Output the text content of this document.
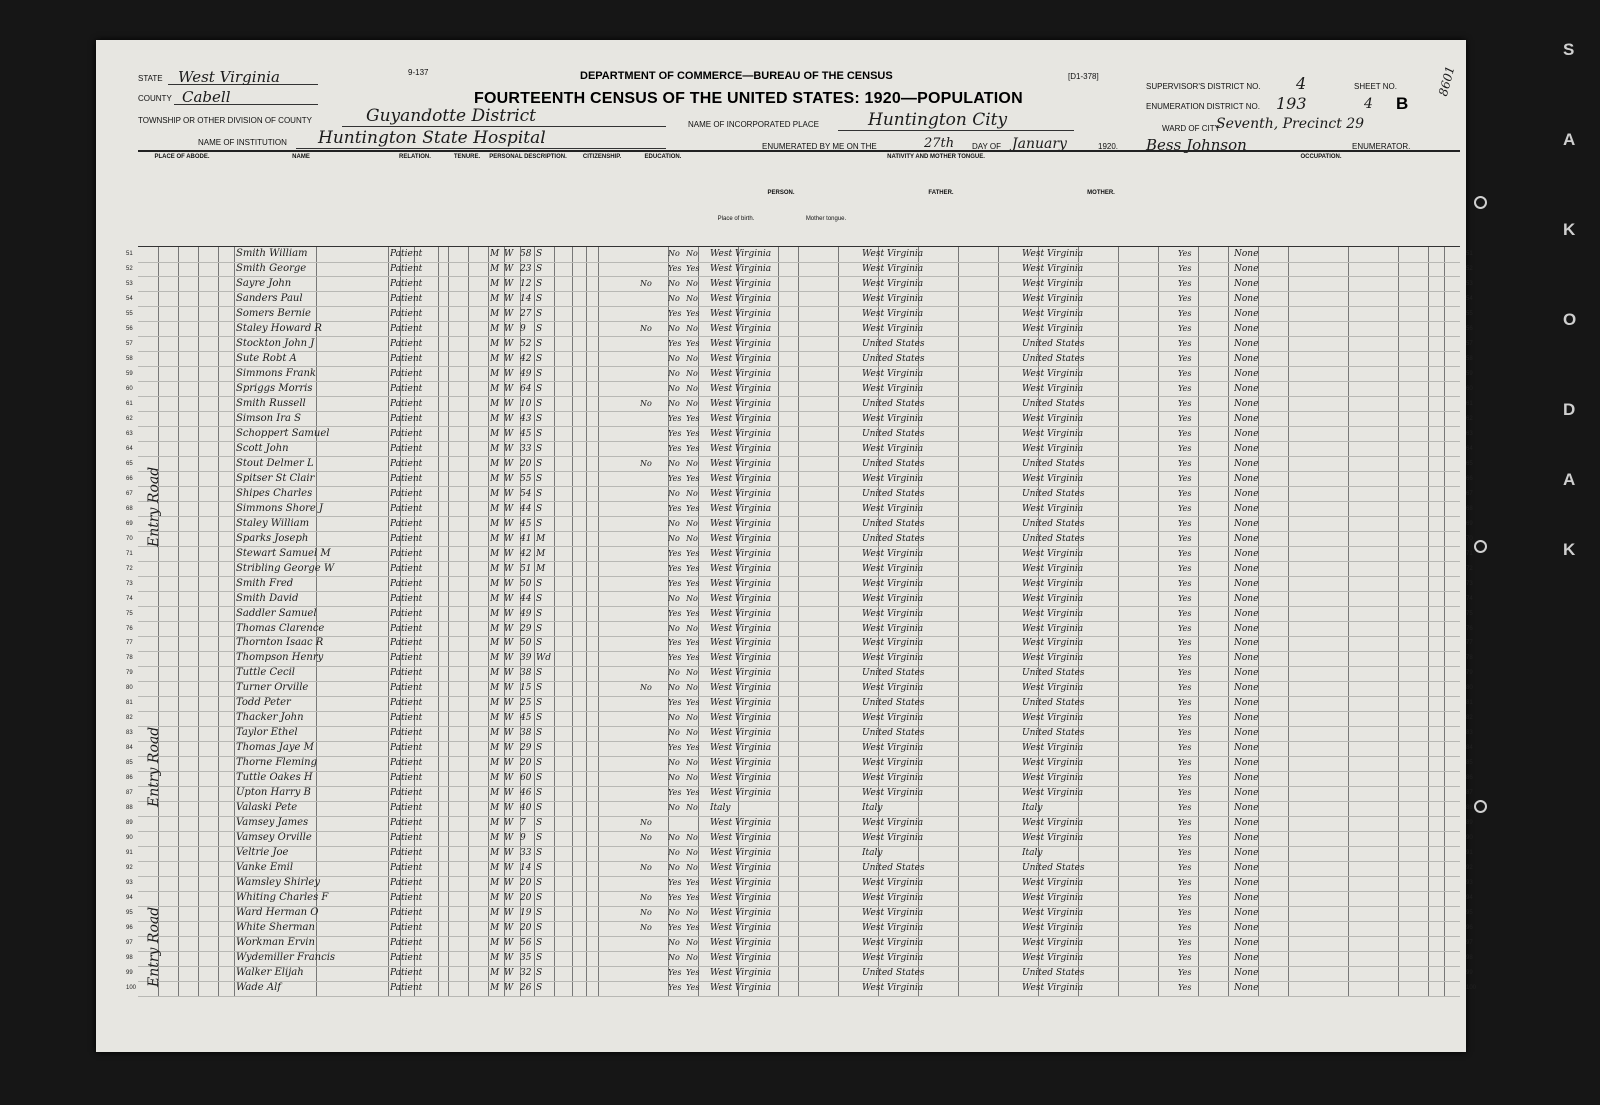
9-137	DEPARTMENT OF COMMERCE—BUREAU OF THE CENSUS	[D1-378]
FOURTEENTH CENSUS OF THE UNITED STATES: 1920—POPULATION
STATE West Virginia
COUNTY Cabell
TOWNSHIP OR OTHER DIVISION OF COUNTY	Guyandotte District
NAME OF INSTITUTION Huntington State Hospital
NAME OF INCORPORATED PLACE	Huntington City
ENUMERATED BY ME ON THE	27th DAY OF January	1920. Bess Johnson	ENUMERATOR.
SUPERVISOR'S DISTRICT NO. 4
ENUMERATION DISTRICT NO. 193
SHEET NO.
4 B
WARD OF CITY
Seventh, Precinct 29
8601
PLACE OF ABODE.	NAME	RELATION.	TENURE.	PERSONAL DESCRIPTION.	CITIZENSHIP.	EDUCATION.	NATIVITY AND MOTHER TONGUE.
PERSON.	FATHER.	MOTHER.
OCCUPATION.
Place of birth.	Mother tongue.
Smith William	Patient	M W 58 S	No No	West Virginia	West Virginia	West Virginia	Yes	None
51	51
Smith George	Patient	M W 23 S	Yes Yes	West Virginia	West Virginia	West Virginia	Yes	None
52	52
Sayre John	Patient	M W 12 S	No	No No	West Virginia	West Virginia	West Virginia	Yes	None
53	53
Sanders Paul	Patient	M W 14 S	No No	West Virginia	West Virginia	West Virginia	Yes	None
54	54
Somers Bernie	Patient	M W 27 S	Yes Yes	West Virginia	West Virginia	West Virginia	Yes	None
55	55
Staley Howard R	Patient	M W 9	S	No	No No	West Virginia	West Virginia	West Virginia	Yes	None
56	56
Stockton John J	Patient	M W 52 S	Yes Yes	West Virginia	United States	United States	Yes	None
57	57
Sute Robt A	Patient	M W 42 S	No No	West Virginia	United States	United States	Yes	None
58	58
Simmons Frank	Patient	M W 49 S	No No	West Virginia	West Virginia	West Virginia	Yes	None
59	59
Spriggs Morris	Patient	M W 64 S	No No	West Virginia	West Virginia	West Virginia	Yes	None
60	60
Smith Russell	Patient	M W 10 S	No	No No	West Virginia	United States	United States	Yes	None
61	61
Simson Ira S	Patient	M W 43 S	Yes Yes	West Virginia	West Virginia	West Virginia	Yes	None
62	62
Schoppert Samuel	Patient	M W 45 S	Yes Yes	West Virginia	United States	West Virginia	Yes	None
63	63
Scott John	Patient	M W 33 S	Yes Yes	West Virginia	West Virginia	West Virginia	Yes	None
64	64
Stout Delmer L	Patient	M W 20 S	No	No No	West Virginia	United States	United States	Yes	None
65	65
Spitser St Clair	Patient	M W 55 S	Yes Yes	West Virginia	West Virginia	West Virginia	Yes	None
66	66
Shipes Charles	Patient	M W 54 S	No No	West Virginia	United States	United States	Yes	None
67	67
Simmons Shore J	Patient	M W 44 S	Yes Yes	West Virginia	West Virginia	West Virginia	Yes	None
68	68
Staley William	Patient	M W 45 S	No No	West Virginia	United States	United States	Yes	None
69	69
Sparks Joseph	Patient	M W 41 M	No No	West Virginia	United States	United States	Yes	None
70	70
Stewart Samuel M	Patient	M W 42 M	Yes Yes	West Virginia	West Virginia	West Virginia	Yes	None
71	71
Stribling George W	Patient	M W 51 M	Yes Yes	West Virginia	West Virginia	West Virginia	Yes	None
72	72
Smith Fred	Patient	M W 50 S	Yes Yes	West Virginia	West Virginia	West Virginia	Yes	None
73	73
Smith David	Patient	M W 44 S	No No	West Virginia	West Virginia	West Virginia	Yes	None
74	74
Saddler Samuel	Patient	M W 49 S	Yes Yes	West Virginia	West Virginia	West Virginia	Yes	None
75	75
Thomas Clarence	Patient	M W 29 S	No No	West Virginia	West Virginia	West Virginia	Yes	None
76	76
Thornton Isaac R	Patient	M W 50 S	Yes Yes	West Virginia	West Virginia	West Virginia	Yes	None
77	77
Thompson Henry	Patient	M W 39 Wd	Yes Yes	West Virginia	West Virginia	West Virginia	Yes	None
78	78
Tuttle Cecil	Patient	M W 38 S	No No	West Virginia	United States	United States	Yes	None
79	79
Turner Orville	Patient	M W 15 S	No	No No	West Virginia	West Virginia	West Virginia	Yes	None
80	80
Todd Peter	Patient	M W 25 S	Yes Yes	West Virginia	United States	United States	Yes	None
81	81
Thacker John	Patient	M W 45 S	No No	West Virginia	West Virginia	West Virginia	Yes	None
82	82
Taylor Ethel	Patient	M W 38 S	No No	West Virginia	United States	United States	Yes	None
83	83
Thomas Jaye M	Patient	M W 29 S	Yes Yes	West Virginia	West Virginia	West Virginia	Yes	None
84	84
Thorne Fleming	Patient	M W 20 S	No No	West Virginia	West Virginia	West Virginia	Yes	None
85	85
Tuttle Oakes H	Patient	M W 60 S	No No	West Virginia	West Virginia	West Virginia	Yes	None
86	86
Upton Harry B	Patient	M W 46 S	Yes Yes	West Virginia	West Virginia	West Virginia	Yes	None
87	87
Valaski Pete	Patient	M W 40 S	No No	Italy	Italy	Italy	Yes	None
88	88
Vamsey James	Patient	M W 7	S	No	West Virginia	West Virginia	West Virginia	Yes	None
89	89
Vamsey Orville	Patient	M W 9	S	No	No No	West Virginia	West Virginia	West Virginia	Yes	None
90	90
Veltrie Joe	Patient	M W 33 S	No No	West Virginia	Italy	Italy	Yes	None
91	91
Vanke Emil	Patient	M W 14 S	No	No No	West Virginia	United States	United States	Yes	None
92	92
Wamsley Shirley	Patient	M W 20 S	Yes Yes	West Virginia	West Virginia	West Virginia	Yes	None
93	93
Whiting Charles F	Patient	M W 20 S	No	Yes Yes	West Virginia	West Virginia	West Virginia	Yes	None
94	94
Ward Herman O	Patient	M W 19 S	No	No No	West Virginia	West Virginia	West Virginia	Yes	None
95	95
White Sherman	Patient	M W 20 S	No	Yes Yes	West Virginia	West Virginia	West Virginia	Yes	None
96	96
Workman Ervin	Patient	M W 56 S	No No	West Virginia	West Virginia	West Virginia	Yes	None
97	97
Wydemiller Francis	Patient	M W 35 S	No No	West Virginia	West Virginia	West Virginia	Yes	None
98	98
Walker Elijah	Patient	M W 32 S	Yes Yes	West Virginia	United States	United States	Yes	None
99	99
Wade Alf	Patient	M W 26 S	Yes Yes	West Virginia	West Virginia	West Virginia	Yes	None
100	100
Entry Road
Entry Road
Entry Road
S
A
K
O
D
A
K
